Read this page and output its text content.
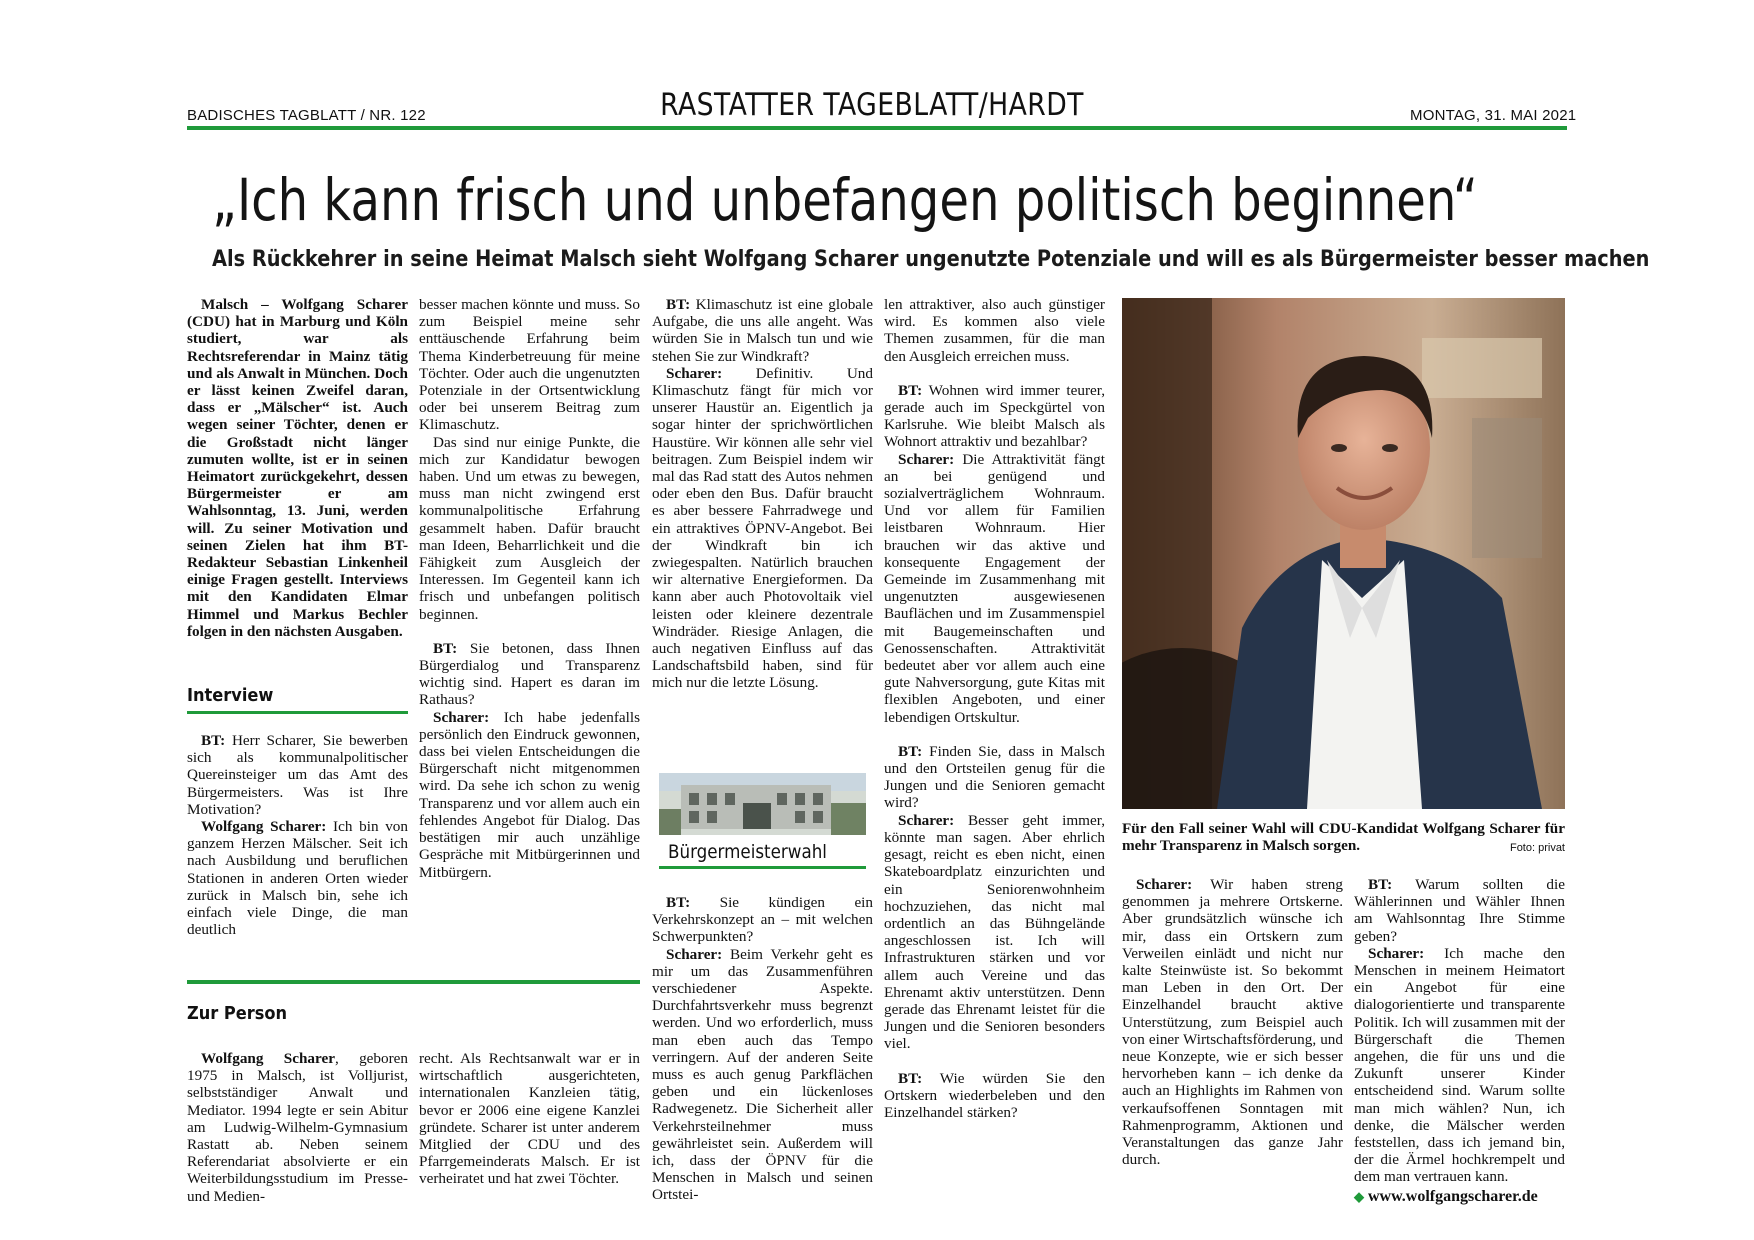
BADISCHES TAGBLATT / NR. 122	RASTATTER TAGEBLATT/HARDT	MONTAG, 31. MAI 2021
„Ich kann frisch und unbefangen politisch beginnen“
Als Rückkehrer in seine Heimat Malsch sieht Wolfgang Scharer ungenutzte Potenziale und will es als Bürgermeister besser machen

Malsch – Wolfgang Scharer (CDU) hat in Marburg und Köln studiert, war als Rechtsreferendar in Mainz tätig und als Anwalt in München. Doch er lässt keinen Zweifel daran, dass er „Mälscher“ ist. Auch wegen seiner Töchter, denen er die Großstadt nicht länger zumuten wollte, ist er in seinen Heimatort zurückgekehrt, dessen Bürgermeister er am Wahlsonntag, 13. Juni, werden will. Zu seiner Motivation und seinen Zielen hat ihm BT-Redakteur Sebastian Linkenheil einige Fragen gestellt. Interviews mit den Kandidaten Elmar Himmel und Markus Bechler folgen in den nächsten Ausgaben.

Interview

BT: Herr Scharer, Sie bewerben sich als kommunalpolitischer Quereinsteiger um das Amt des Bürgermeisters. Was ist Ihre Motivation?

Wolfgang Scharer: Ich bin von ganzem Herzen Mälscher. Seit ich nach Ausbildung und beruflichen Stationen in anderen Orten wieder zurück in Malsch bin, sehe ich einfach viele Dinge, die man deutlich

besser machen könnte und muss. So zum Beispiel meine sehr enttäuschende Erfahrung beim Thema Kinderbetreuung für meine Töchter. Oder auch die ungenutzten Potenziale in der Ortsentwicklung oder bei unserem Beitrag zum Klimaschutz.

Das sind nur einige Punkte, die mich zur Kandidatur bewogen haben. Und um etwas zu bewegen, muss man nicht zwingend erst kommunalpolitische Erfahrung gesammelt haben. Dafür braucht man Ideen, Beharrlichkeit und die Fähigkeit zum Ausgleich der Interessen. Im Gegenteil kann ich frisch und unbefangen politisch beginnen.

BT: Sie betonen, dass Ihnen Bürgerdialog und Transparenz wichtig sind. Hapert es daran im Rathaus?

Scharer: Ich habe jedenfalls persönlich den Eindruck gewonnen, dass bei vielen Entscheidungen die Bürgerschaft nicht mitgenommen wird. Da sehe ich schon zu wenig Transparenz und vor allem auch ein fehlendes Angebot für Dialog. Das bestätigen mir auch unzählige Gespräche mit Mitbürgerinnen und Mitbürgern.

Zur Person

Wolfgang Scharer, geboren 1975 in Malsch, ist Volljurist, selbstständiger Anwalt und Mediator. 1994 legte er sein Abitur am Ludwig-Wilhelm-Gymnasium Rastatt ab. Neben seinem Referendariat absolvierte er ein Weiterbildungsstudium im Presse- und Medien-

recht. Als Rechtsanwalt war er in wirtschaftlich ausgerichteten, internationalen Kanzleien tätig, bevor er 2006 eine eigene Kanzlei gründete. Scharer ist unter anderem Mitglied der CDU und des Pfarrgemeinderats Malsch. Er ist verheiratet und hat zwei Töchter.

BT: Klimaschutz ist eine globale Aufgabe, die uns alle angeht. Was würden Sie in Malsch tun und wie stehen Sie zur Windkraft?

Scharer: Definitiv. Und Klimaschutz fängt für mich vor unserer Haustür an. Eigentlich ja sogar hinter der sprichwörtlichen Haustüre. Wir können alle sehr viel beitragen. Zum Beispiel indem wir mal das Rad statt des Autos nehmen oder eben den Bus. Dafür braucht es aber bessere Fahrradwege und ein attraktives ÖPNV-Angebot. Bei der Windkraft bin ich zwiegespalten. Natürlich brauchen wir alternative Energieformen. Da kann aber auch Photovoltaik viel leisten oder kleinere dezentrale Windräder. Riesige Anlagen, die auch negativen Einfluss auf das Landschaftsbild haben, sind für mich nur die letzte Lösung.

Bürgermeisterwahl

BT: Sie kündigen ein Verkehrskonzept an – mit welchen Schwerpunkten?

Scharer: Beim Verkehr geht es mir um das Zusammenführen verschiedener Aspekte. Durchfahrtsverkehr muss begrenzt werden. Und wo erforderlich, muss man eben auch das Tempo verringern. Auf der anderen Seite muss es auch genug Parkflächen geben und ein lückenloses Radwegenetz. Die Sicherheit aller Verkehrsteilnehmer muss gewährleistet sein. Außerdem will ich, dass der ÖPNV für die Menschen in Malsch und seinen Ortstei-

len attraktiver, also auch günstiger wird. Es kommen also viele Themen zusammen, für die man den Ausgleich erreichen muss.

BT: Wohnen wird immer teurer, gerade auch im Speckgürtel von Karlsruhe. Wie bleibt Malsch als Wohnort attraktiv und bezahlbar?

Scharer: Die Attraktivität fängt an bei genügend und sozialverträglichem Wohnraum. Und vor allem für Familien leistbaren Wohnraum. Hier brauchen wir das aktive und konsequente Engagement der Gemeinde im Zusammenhang mit ungenutzten ausgewiesenen Bauflächen und im Zusammenspiel mit Baugemeinschaften und Genossenschaften. Attraktivität bedeutet aber vor allem auch eine gute Nahversorgung, gute Kitas mit flexiblen Angeboten, und einer lebendigen Ortskultur.

BT: Finden Sie, dass in Malsch und den Ortsteilen genug für die Jungen und die Senioren gemacht wird?

Scharer: Besser geht immer, könnte man sagen. Aber ehrlich gesagt, reicht es eben nicht, einen Skateboardplatz einzurichten und ein Seniorenwohnheim hochzuziehen, das nicht mal ordentlich an das Bühngelände angeschlossen ist. Ich will Infrastrukturen stärken und vor allem auch Vereine und das Ehrenamt aktiv unterstützen. Denn gerade das Ehrenamt leistet für die Jungen und die Senioren besonders viel.

BT: Wie würden Sie den Ortskern wiederbeleben und den Einzelhandel stärken?

Für den Fall seiner Wahl will CDU-Kandidat Wolfgang Scharer für mehr Transparenz in Malsch sorgen.	Foto: privat

Scharer: Wir haben streng genommen ja mehrere Ortskerne. Aber grundsätzlich wünsche ich mir, dass ein Ortskern zum Verweilen einlädt und nicht nur kalte Steinwüste ist. So bekommt man Leben in den Ort. Der Einzelhandel braucht aktive Unterstützung, zum Beispiel auch von einer Wirtschaftsförderung, und neue Konzepte, wie er sich besser hervorheben kann – ich denke da auch an Highlights im Rahmen von verkaufsoffenen Sonntagen mit Rahmenprogramm, Aktionen und Veranstaltungen das ganze Jahr durch.

BT: Warum sollten die Wählerinnen und Wähler Ihnen am Wahlsonntag Ihre Stimme geben?

Scharer: Ich mache den Menschen in meinem Heimatort ein Angebot für eine dialogorientierte und transparente Politik. Ich will zusammen mit der Bürgerschaft die Themen angehen, die für uns und die Zukunft unserer Kinder entscheidend sind. Warum sollte man mich wählen? Nun, ich denke, die Mälscher werden feststellen, dass ich jemand bin, der die Ärmel hochkrempelt und dem man vertrauen kann.

◆ www.wolfgangscharer.de
